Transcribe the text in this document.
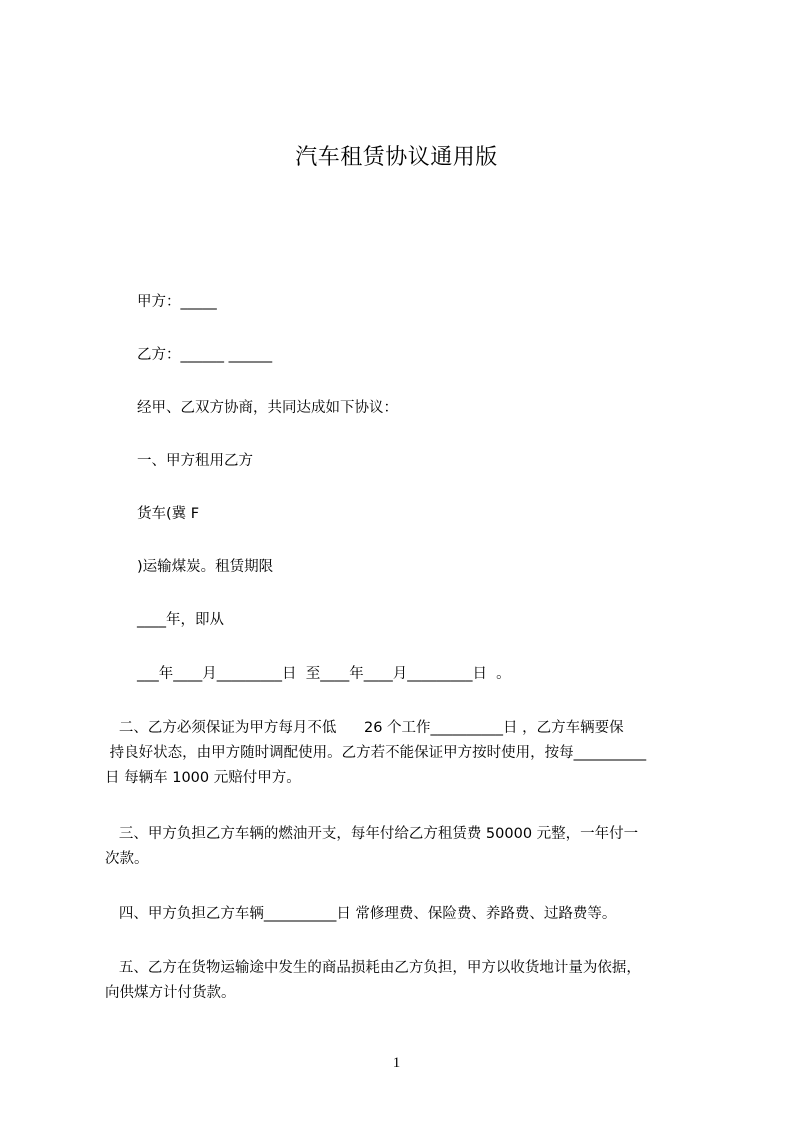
汽车租赁协议通用版
甲方：_____
乙方：______ ______
经甲、乙双方协商，共同达成如下协议：
一、甲方租用乙方
货车(冀 F
)运输煤炭。租赁期限
____年，即从
___年____月_________日  至____年____月_________日  。

二、乙方必须保证为甲方每月不低      26 个工作__________日 ，乙方车辆要保

持良好状态，由甲方随时调配使用。乙方若不能保证甲方按时使用，按每__________

日 每辆车 1000 元赔付甲方。

三、甲方负担乙方车辆的燃油开支，每年付给乙方租赁费 50000 元整，一年付一

次款。

四、甲方负担乙方车辆__________日 常修理费、保险费、养路费、过路费等。

五、乙方在货物运输途中发生的商品损耗由乙方负担，甲方以收货地计量为依据，

向供煤方计付货款。

1
